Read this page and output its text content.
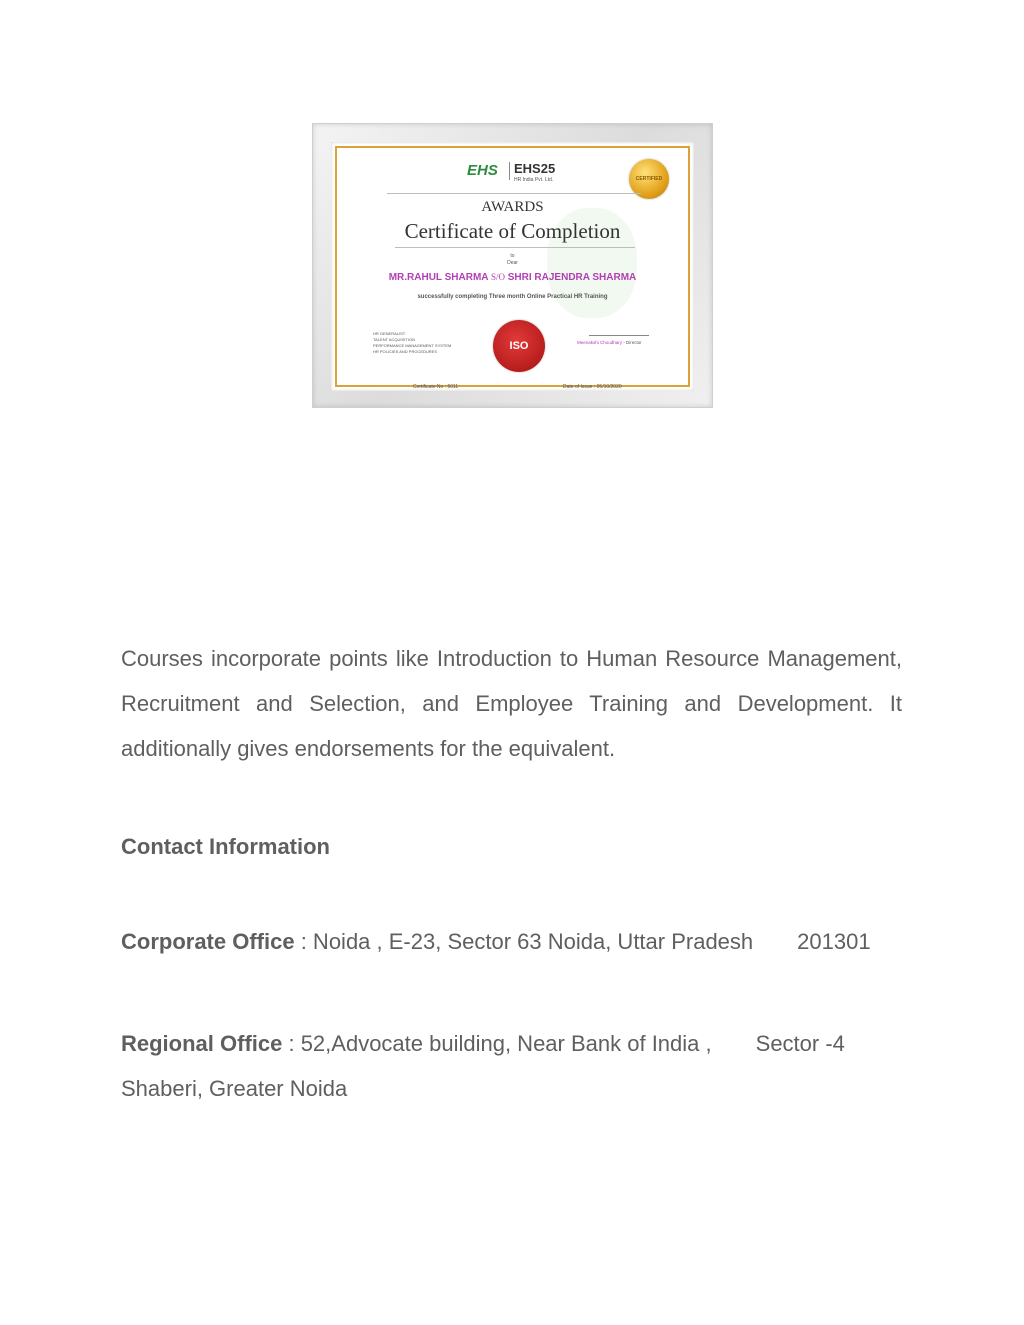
EHS EHS25
HR India Pvt. Ltd.	CERTIFIED
AWARDS
Certificate of Completion
to
Dear
MR.RAHUL SHARMA S/O SHRI RAJENDRA SHARMA
successfully completing Three month Online Practical HR Training
HR GENERALIST
TALENT ACQUISITION
PERFORMANCE MANAGEMENT SYSTEM
HR POLICIES AND PROCEDURES	ISO	Meenakshi Choudhary - Director
Certificate No : 5011	Date of Issue : 05/10/2020

Courses incorporate points like Introduction to Human Resource Management, Recruitment and Selection, and Employee Training and Development. It additionally gives endorsements for the equivalent.

Contact Information

Corporate Office : Noida , E-23, Sector 63 Noida, Uttar Pradesh 201301

Regional Office : 52,Advocate building, Near Bank of India , Sector -4
Shaberi, Greater Noida
